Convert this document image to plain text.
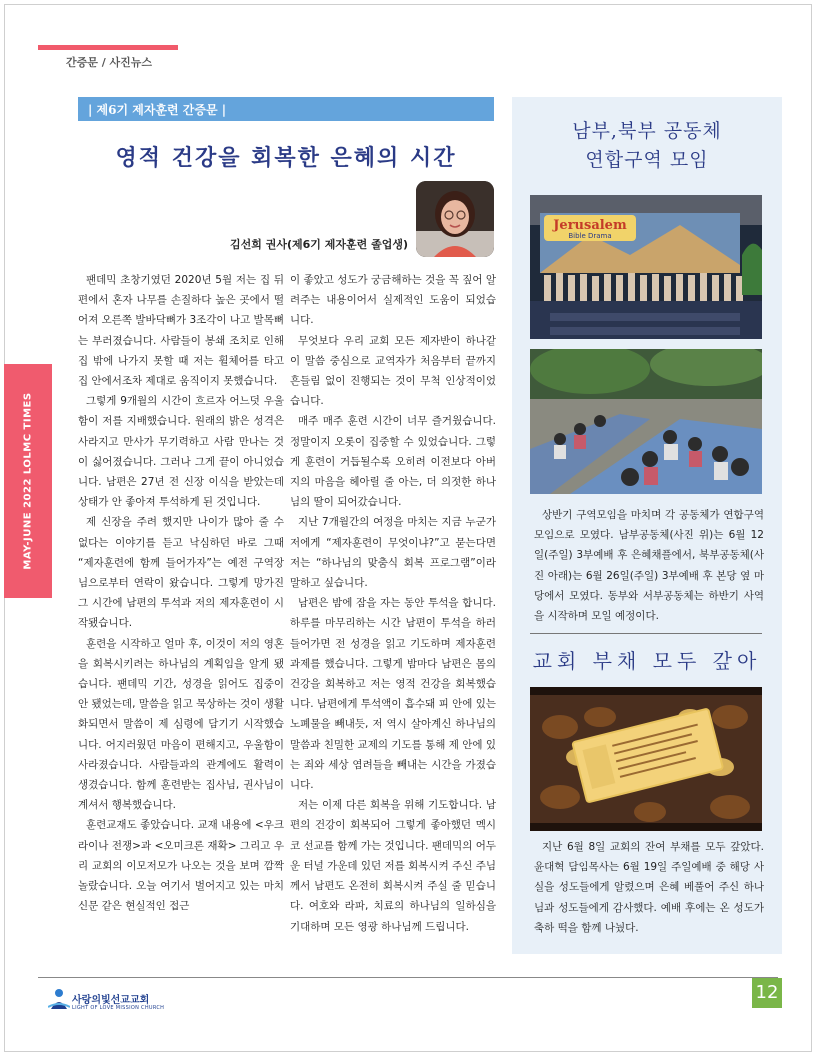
간증문 / 사진뉴스
MAY-JUNE 2022 LOLMC TIMES
| 제6기 제자훈련 간증문 |
영적 건강을 회복한 은혜의 시간
김선희 권사(제6기 제자훈련 졸업생)

팬데믹 초창기였던 2020년 5월 저는 집 뒤편에서 혼자 나무를 손질하다 높은 곳에서 떨어져 오른쪽 발바닥뼈가 3조각이 나고 발목뼈는 부러졌습니다. 사람들이 봉쇄 조치로 인해 집 밖에 나가지 못할 때 저는 휠체어를 타고 집 안에서조차 제대로 움직이지 못했습니다.

그렇게 9개월의 시간이 흐르자 어느덧 우울함이 저를 지배했습니다. 원래의 밝은 성격은 사라지고 만사가 무기력하고 사람 만나는 것이 싫어졌습니다. 그러나 그게 끝이 아니었습니다. 남편은 27년 전 신장 이식을 받았는데 상태가 안 좋아져 투석하게 된 것입니다.

제 신장을 주려 했지만 나이가 많아 줄 수 없다는 이야기를 듣고 낙심하던 바로 그때 “제자훈련에 함께 들어가자”는 예전 구역장님으로부터 연락이 왔습니다. 그렇게 망가진 그 시간에 남편의 투석과 저의 제자훈련이 시작됐습니다.

훈련을 시작하고 얼마 후, 이것이 저의 영혼을 회복시키려는 하나님의 계획임을 알게 됐습니다. 팬데믹 기간, 성경을 읽어도 집중이 안 됐었는데, 말씀을 읽고 묵상하는 것이 생활화되면서 말씀이 제 심령에 담기기 시작했습니다. 어지러웠던 마음이 편해지고, 우울함이 사라졌습니다. 사람들과의 관계에도 활력이 생겼습니다. 함께 훈련받는 집사님, 권사님이 계셔서 행복했습니다.

훈련교재도 좋았습니다. 교재 내용에 <우크라이나 전쟁>과 <오미크론 재확> 그리고 우리 교회의 이모저모가 나오는 것을 보며 깜짝 놀랐습니다. 오늘 여기서 벌어지고 있는 마치 신문 같은 현실적인 접근

이 좋았고 성도가 궁금해하는 것을 꼭 짚어 알려주는 내용이어서 실제적인 도움이 되었습니다.

무엇보다 우리 교회 모든 제자반이 하나같이 말씀 중심으로 교역자가 처음부터 끝까지 흔들림 없이 진행되는 것이 무척 인상적이었습니다.

매주 매주 훈련 시간이 너무 즐거웠습니다. 정말이지 오롯이 집중할 수 있었습니다. 그렇게 훈련이 거듭될수록 오히려 이전보다 아버지의 마음을 헤아릴 줄 아는, 더 의젓한 하나님의 딸이 되어갔습니다.

지난 7개월간의 여정을 마치는 지금 누군가 저에게 “제자훈련이 무엇이냐?”고 묻는다면 저는 “하나님의 맞춤식 회복 프로그램”이라 말하고 싶습니다.

남편은 밤에 잠을 자는 동안 투석을 합니다. 하루를 마무리하는 시간 남편이 투석을 하러 들어가면 전 성경을 읽고 기도하며 제자훈련 과제를 했습니다. 그렇게 밤마다 남편은 몸의 건강을 회복하고 저는 영적 건강을 회복했습니다. 남편에게 투석액이 흡수돼 피 안에 있는 노폐물을 빼내듯, 저 역시 살아계신 하나님의 말씀과 친밀한 교제의 기도를 통해 제 안에 있는 죄와 세상 염려들을 빼내는 시간을 가졌습니다.

저는 이제 다른 회복을 위해 기도합니다. 남편의 건강이 회복되어 그렇게 좋아했던 멕시코 선교를 함께 가는 것입니다. 팬데믹의 어두운 터널 가운데 있던 저를 회복시켜 주신 주님께서 남편도 온전히 회복시켜 주실 줄 믿습니다. 여호와 라파, 치료의 하나님의 일하심을 기대하며 모든 영광 하나님께 드립니다.

남부,북부 공동체
연합구역 모임
Jerusalem
Bible Drama

상반기 구역모임을 마치며 각 공동체가 연합구역모임으로 모였다. 남부공동체(사진 위)는 6월 12일(주일) 3부예배 후 은혜채플에서, 북부공동체(사진 아래)는 6월 26일(주일) 3부예배 후 본당 옆 마당에서 모였다. 동부와 서부공동체는 하반기 사역을 시작하며 모일 예정이다.

교회 부채 모두 갚아

지난 6월 8일 교회의 잔여 부채를 모두 갚았다. 윤대혁 담임목사는 6월 19일 주일예배 중 해당 사실을 성도들에게 알렸으며 은혜 베풀어 주신 하나님과 성도들에게 감사했다. 예배 후에는 온 성도가 축하 떡을 함께 나눴다.

사랑의빛선교교회
LIGHT OF LOVE MISSION CHURCH
12
